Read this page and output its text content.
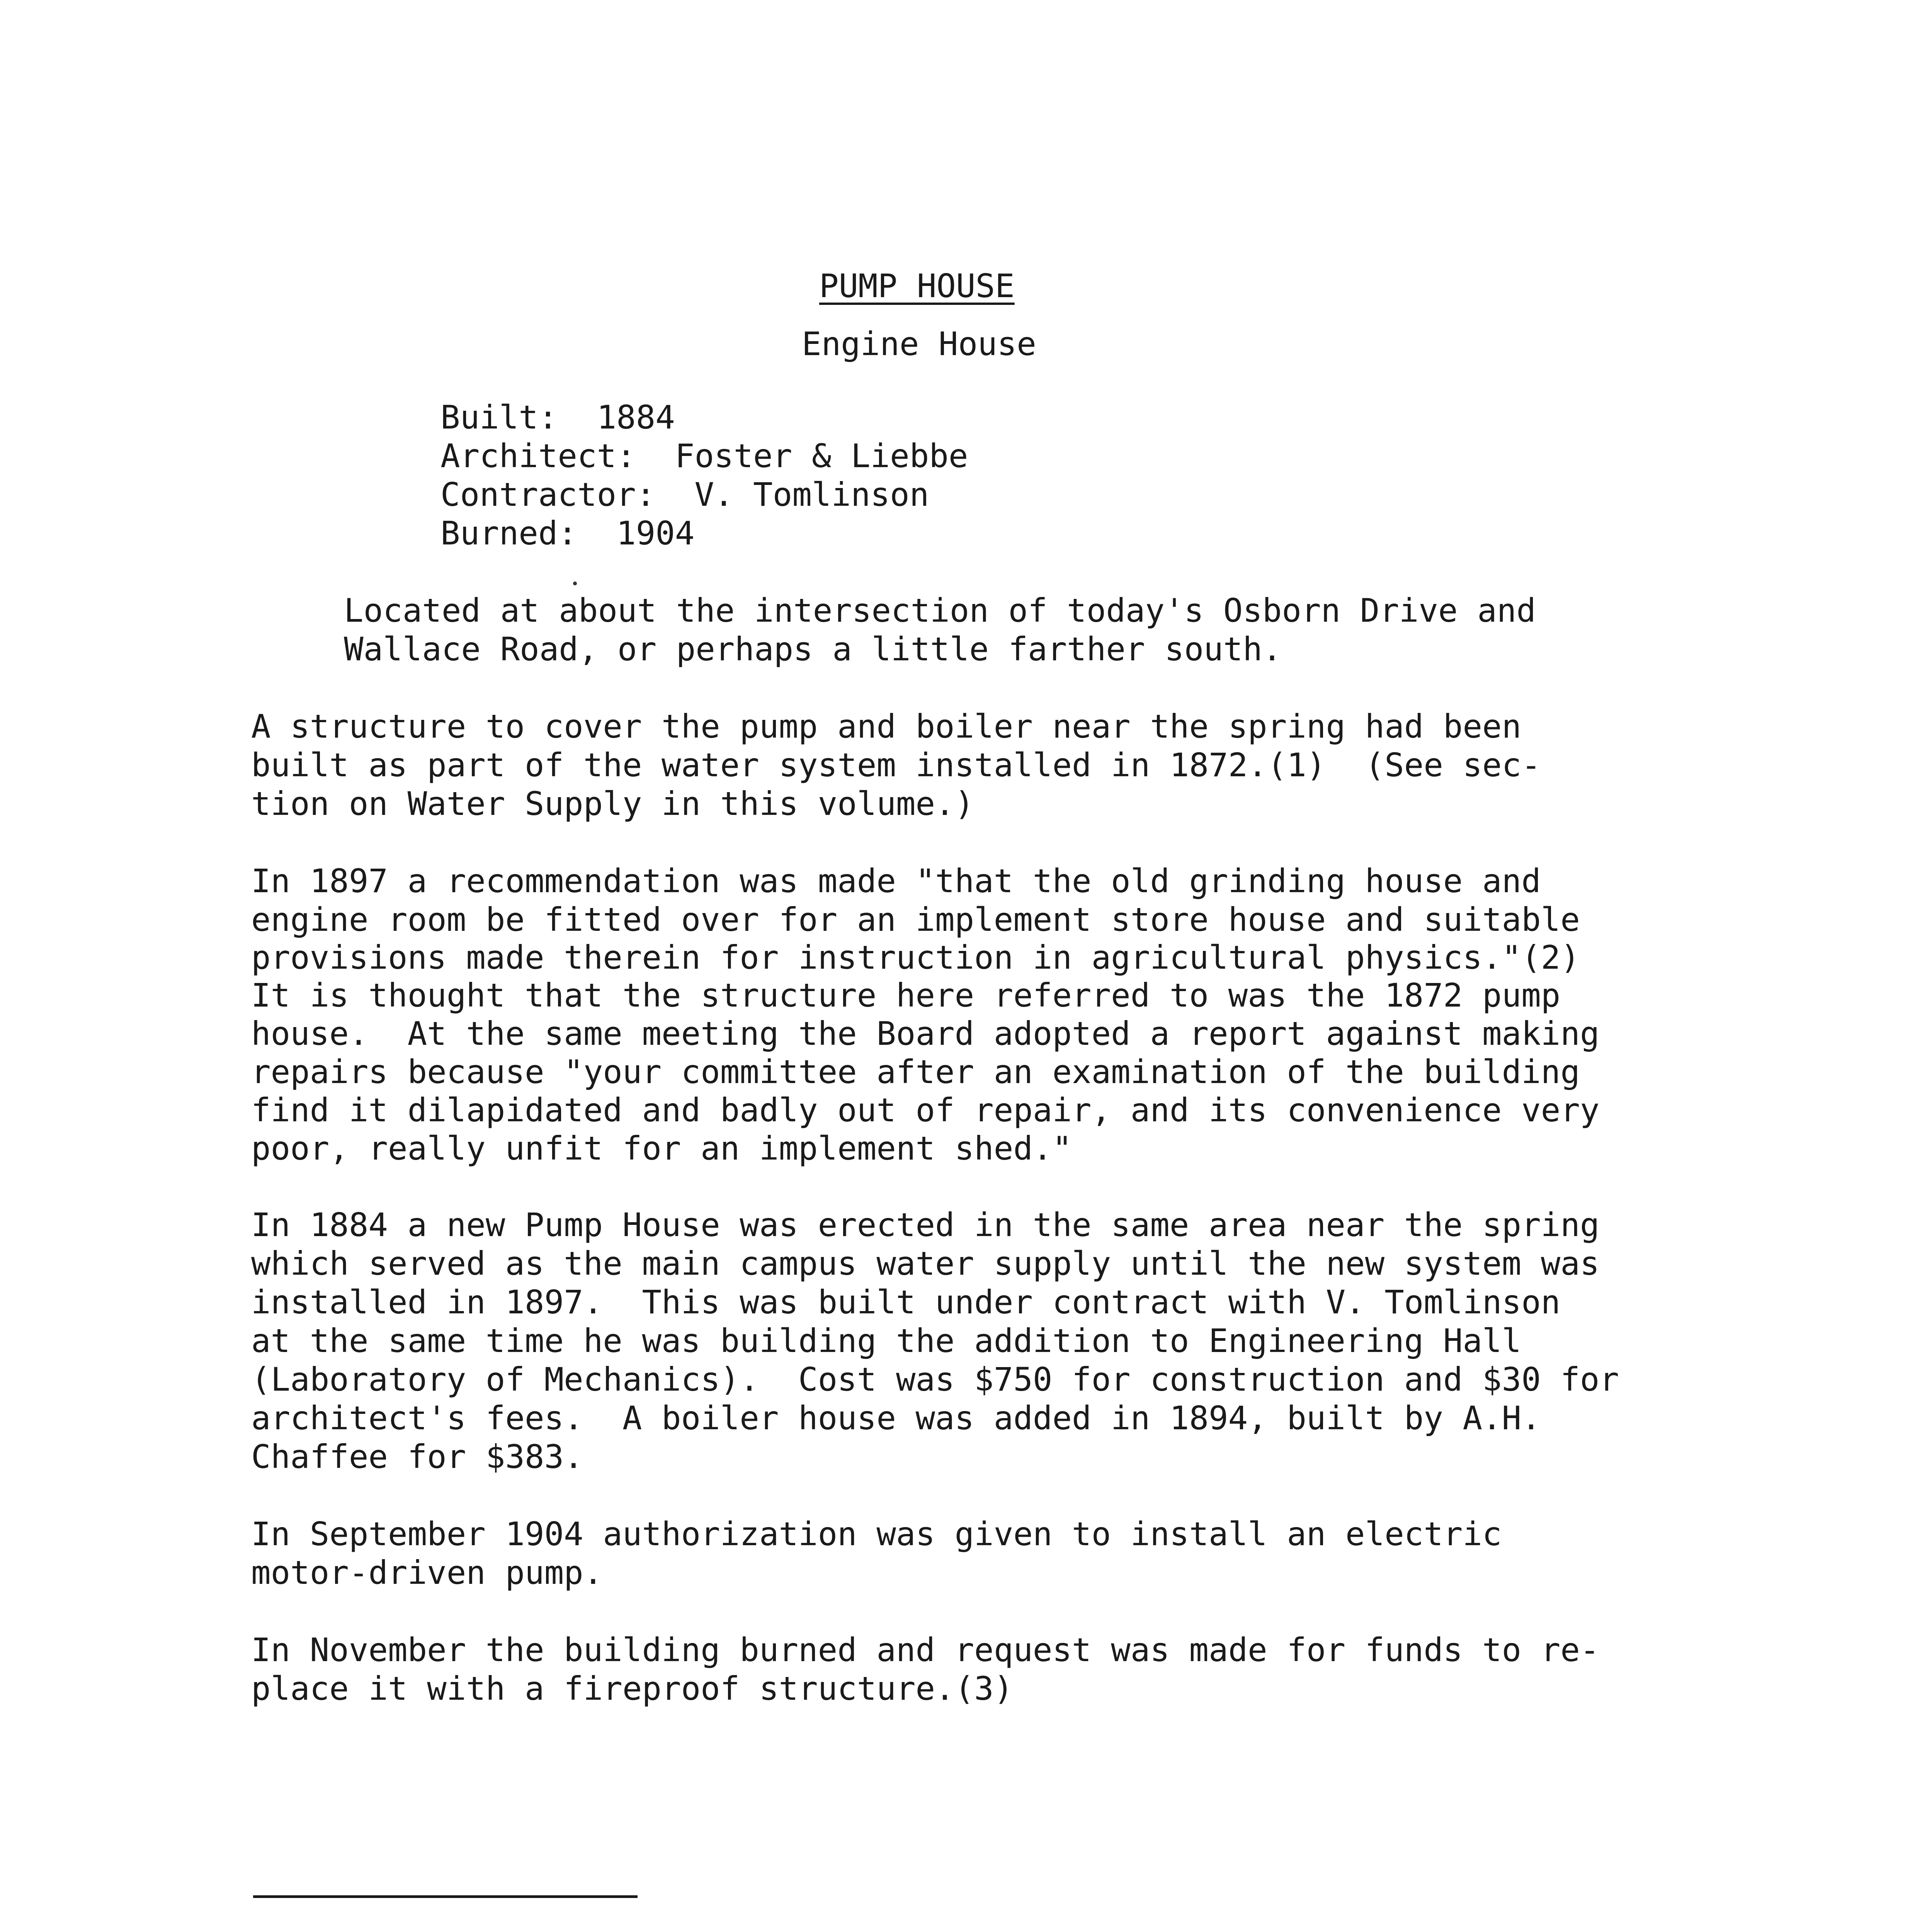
PUMP HOUSE
Engine House
Built: 1884
Architect: Foster & Liebbe
Contractor: V. Tomlinson
Burned: 1904
Located at about the intersection of today's Osborn Drive and
Wallace Road, or perhaps a little farther south.
A structure to cover the pump and boiler near the spring had been
built as part of the water system installed in 1872.(1)  (See sec-
tion on Water Supply in this volume.)
In 1897 a recommendation was made "that the old grinding house and
engine room be fitted over for an implement store house and suitable
provisions made therein for instruction in agricultural physics."(2)
It is thought that the structure here referred to was the 1872 pump
house.  At the same meeting the Board adopted a report against making
repairs because "your committee after an examination of the building
find it dilapidated and badly out of repair, and its convenience very
poor, really unfit for an implement shed."
In 1884 a new Pump House was erected in the same area near the spring
which served as the main campus water supply until the new system was
installed in 1897.  This was built under contract with V. Tomlinson
at the same time he was building the addition to Engineering Hall
(Laboratory of Mechanics).  Cost was $750 for construction and $30 for
architect's fees.  A boiler house was added in 1894, built by A.H.
Chaffee for $383.
In September 1904 authorization was given to install an electric
motor-driven pump.
In November the building burned and request was made for funds to re-
place it with a fireproof structure.(3)
